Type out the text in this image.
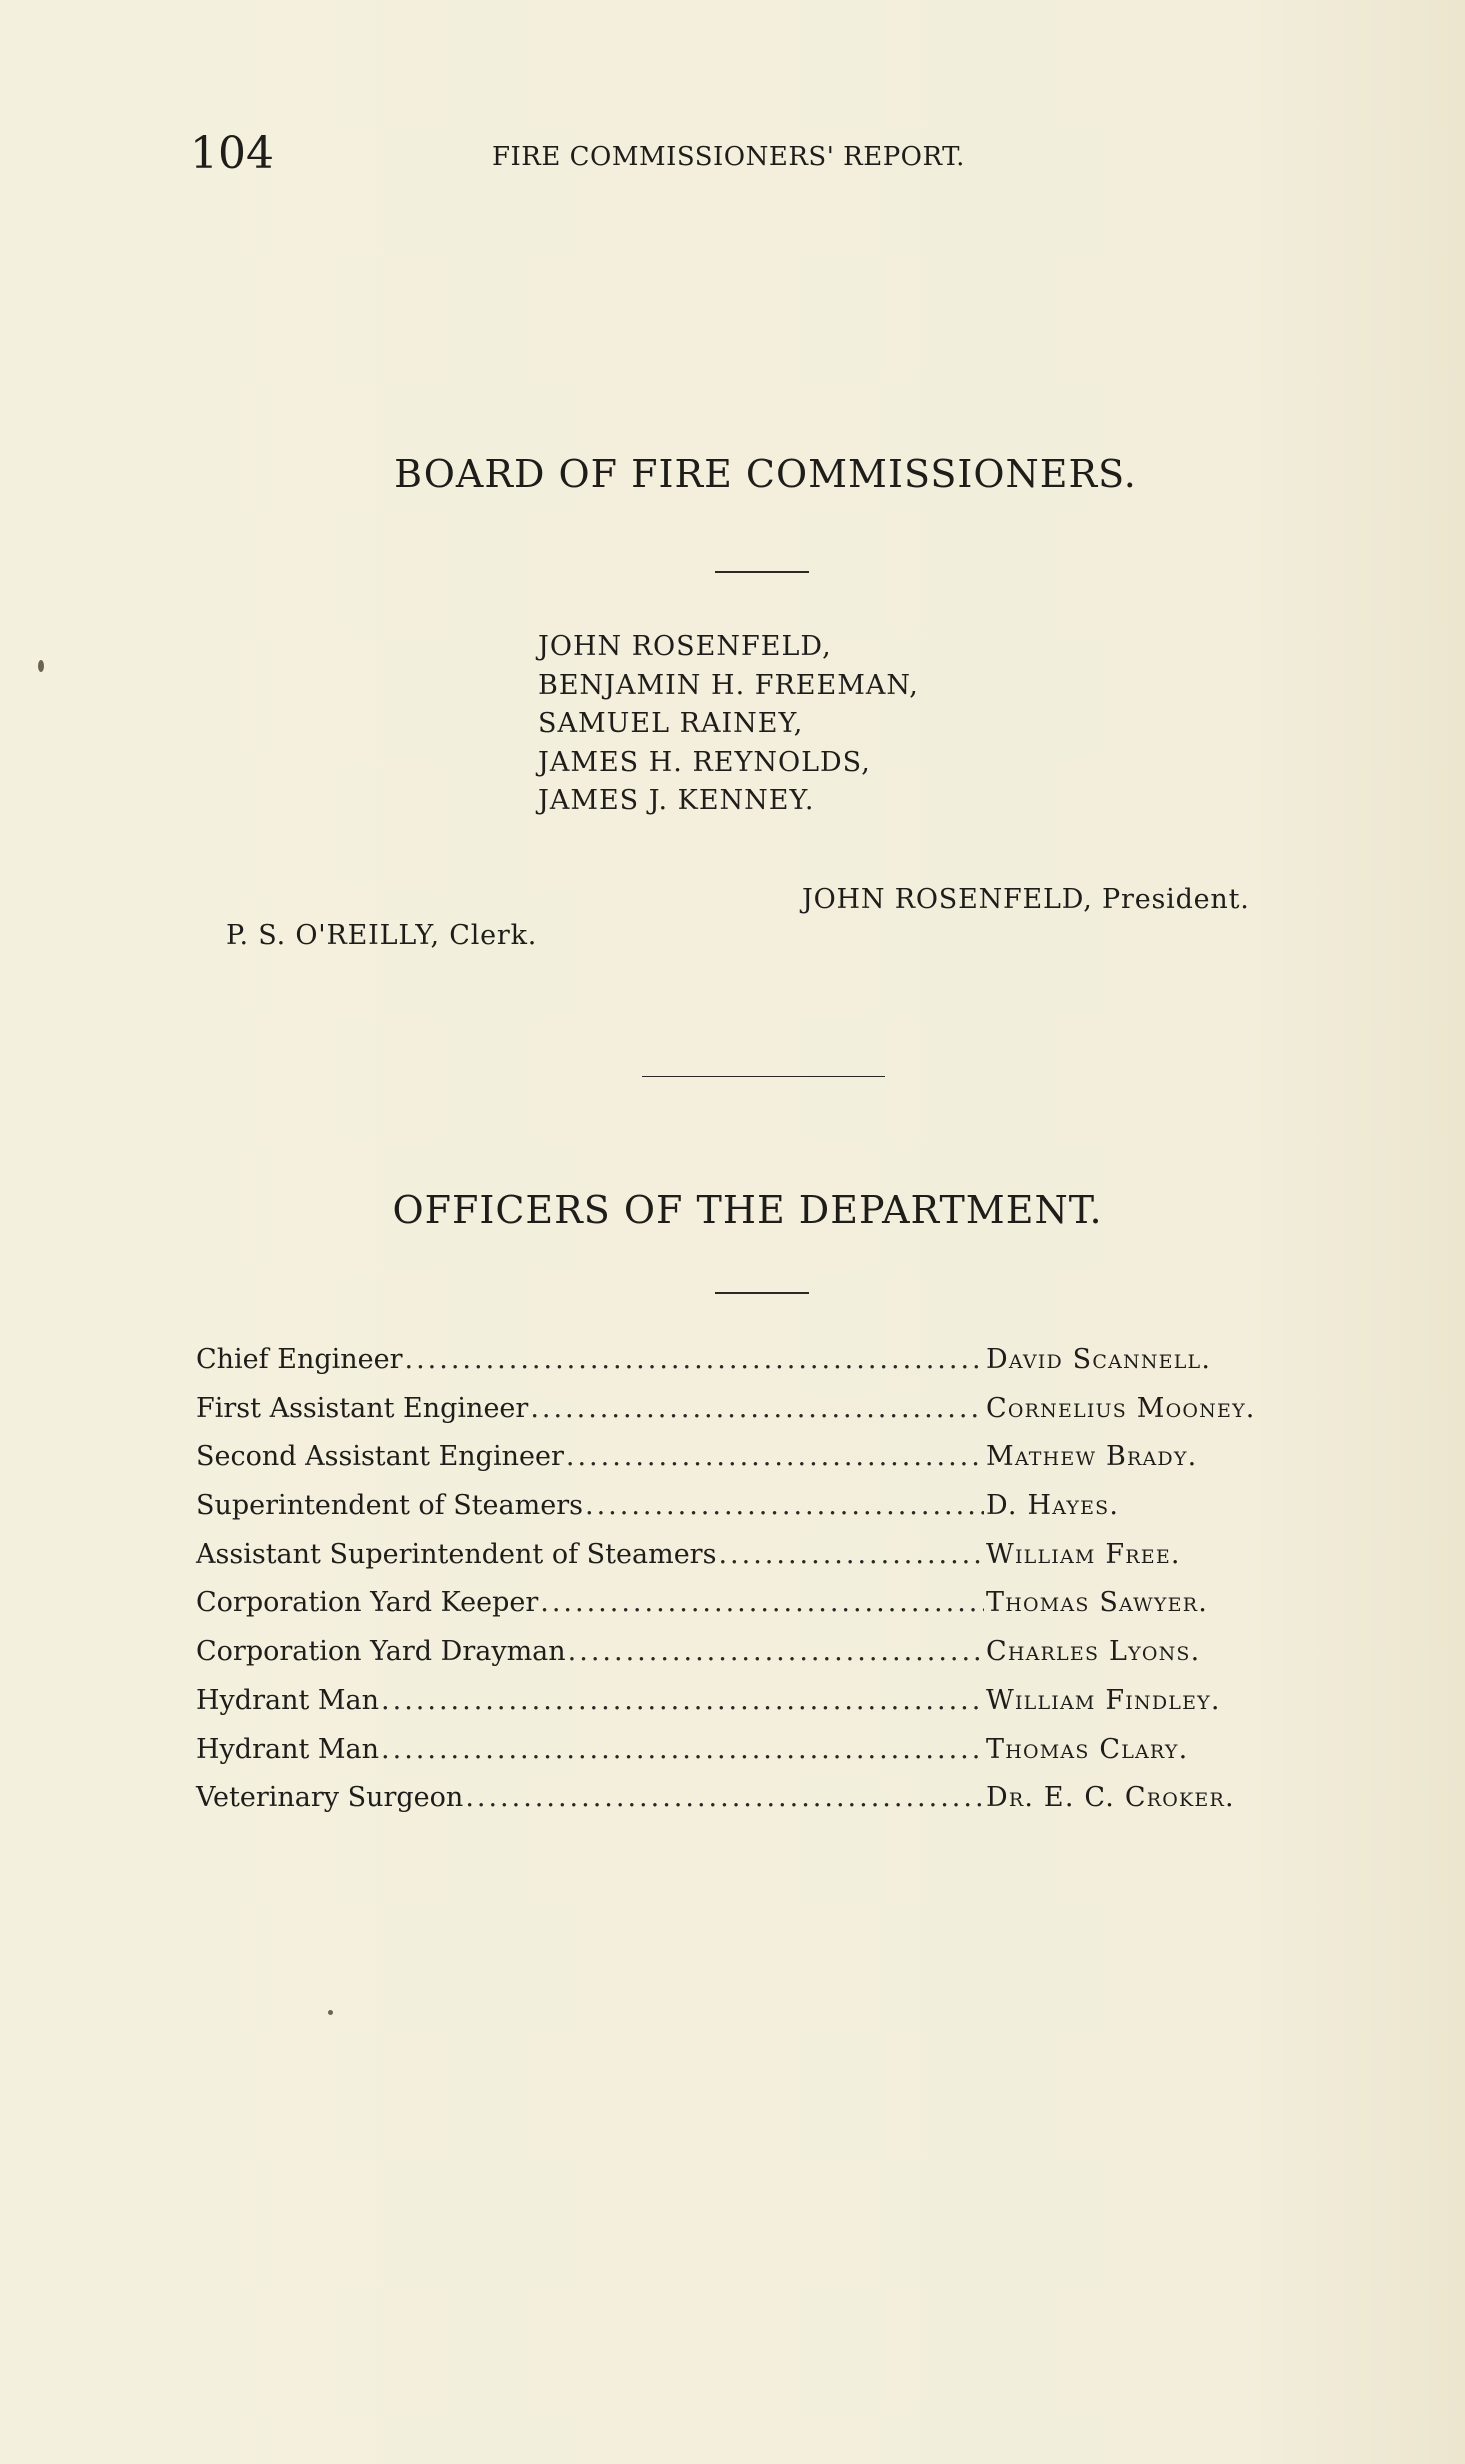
104	FIRE COMMISSIONERS' REPORT.
BOARD OF FIRE COMMISSIONERS.
JOHN ROSENFELD,
BENJAMIN H. FREEMAN,
SAMUEL RAINEY,
JAMES H. REYNOLDS,
JAMES J. KENNEY.
JOHN ROSENFELD, President.
P. S. O'REILLY, Clerk.
OFFICERS OF THE DEPARTMENT.
Chief Engineer .....	David Scannell.
First Assistant Engineer .....	Cornelius Mooney.
Second Assistant Engineer .....	Mathew Brady.
Superintendent of Steamers .....	D. Hayes.
Assistant Superintendent of Steamers .....	William Free.
Corporation Yard Keeper .....	Thomas Sawyer.
Corporation Yard Drayman .....	Charles Lyons.
Hydrant Man .....	William Findley.
Hydrant Man .....	Thomas Clary.
Veterinary Surgeon .....	Dr. E. C. Croker.
